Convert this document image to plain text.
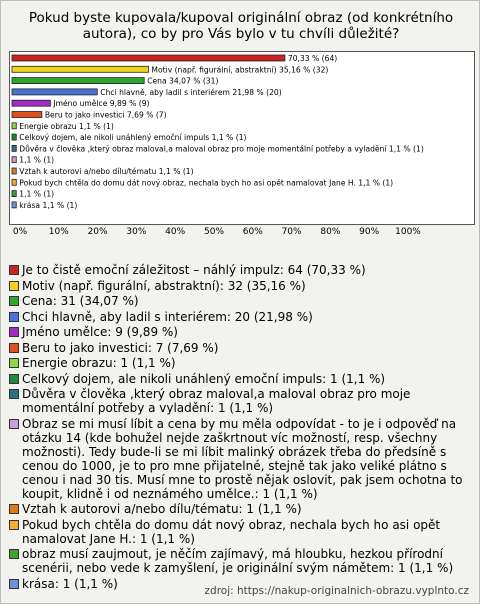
Pokud byste kupovala/kupoval originální obraz (od konkrétního autora), co by pro Vás bylo v tu chvíli důležité?
70,33 % (64)
Motiv (např. figurální, abstraktní) 35,16 % (32)
Cena 34,07 % (31)
Chci hlavně, aby ladil s interiérem 21,98 % (20)
Jméno umělce 9,89 % (9)
Beru to jako investici 7,69 % (7)
Energie obrazu 1,1 % (1)
Celkový dojem, ale nikoli unáhlený emoční impuls 1,1 % (1)
Důvěra v člověka ,který obraz maloval,a maloval obraz pro moje momentální potřeby a vyladění 1,1 % (1)
1,1 % (1)
Vztah k autorovi a/nebo dílu/tématu 1,1 % (1)
Pokud bych chtěla do domu dát nový obraz, nechala bych ho asi opět namalovat Jane H. 1,1 % (1)
1,1 % (1)
krása 1,1 % (1)
0% 10% 20% 30% 40% 50% 60% 70% 80% 90% 100%
Je to čistě emoční záležitost – náhlý impulz: 64 (70,33 %)
Motiv (např. figurální, abstraktní): 32 (35,16 %)
Cena: 31 (34,07 %)
Chci hlavně, aby ladil s interiérem: 20 (21,98 %)
Jméno umělce: 9 (9,89 %)
Beru to jako investici: 7 (7,69 %)
Energie obrazu: 1 (1,1 %)
Celkový dojem, ale nikoli unáhlený emoční impuls: 1 (1,1 %)
Důvěra v člověka ,který obraz maloval,a maloval obraz pro moje momentální potřeby a vyladění: 1 (1,1 %)
Obraz se mi musí líbit a cena by mu měla odpovídat - to je i odpověď na otázku 14 (kde bohužel nejde zaškrtnout víc možností, resp. všechny možnosti). Tedy bude-li se mi líbit malinký obrázek třeba do předsíně s cenou do 1000, je to pro mne přijatelné, stejně tak jako veliké plátno s cenou i nad 30 tis. Musí mne to prostě nějak oslovit, pak jsem ochotna to koupit, klidně i od neznámého umělce.: 1 (1,1 %)
Vztah k autorovi a/nebo dílu/tématu: 1 (1,1 %)
Pokud bych chtěla do domu dát nový obraz, nechala bych ho asi opět namalovat Jane H.: 1 (1,1 %)
obraz musí zaujmout, je něčím zajímavý, má hloubku, hezkou přírodní scenérii, nebo vede k zamyšlení, je originální svým námětem: 1 (1,1 %)
krása: 1 (1,1 %)
zdroj: https://nakup-originalnich-obrazu.vyplnto.cz
